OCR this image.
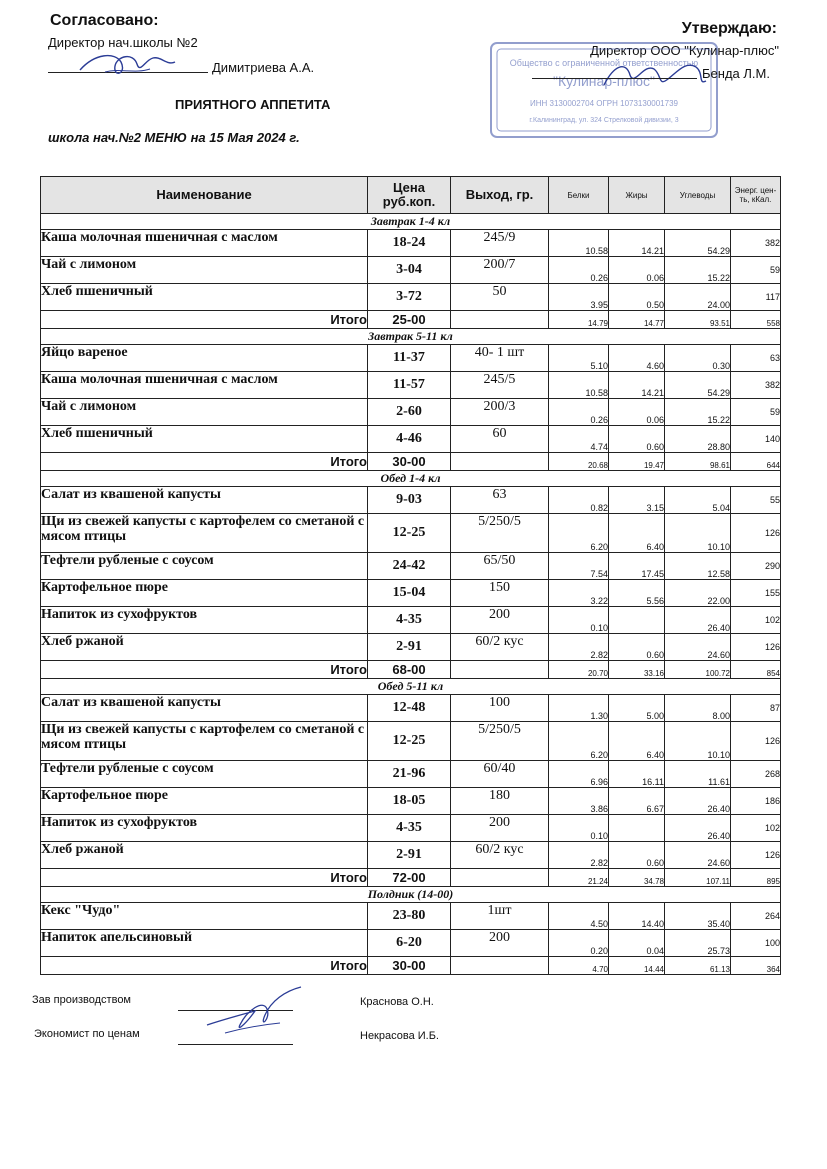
Согласовано:
Директор нач.школы №2
Димитриева А.А.
Утверждаю:
Директор ООО "Кулинар-плюс"
Общество с ограниченной ответственностью
"Кулинар-плюс"
ИНН 3130002704 ОГРН 1073130001739
г.Калининград, ул. 324 Стрелковой дивизии, 3
Бенда Л.М.
ПРИЯТНОГО АППЕТИТА
школа нач.№2 МЕНЮ на 15 Мая 2024 г.
Наименование	Цена руб.коп.	Выход, гр.	Белки	Жиры	Углеводы	Энерг. цен-ть, кКал.
Завтрак 1-4 кл						
Каша молочная пшеничная с маслом	18-24	245/9	10.58	14.21	54.29	382
Чай с лимоном	3-04	200/7	0.26	0.06	15.22	59
Хлеб пшеничный	3-72	50	3.95	0.50	24.00	117
Итого	25-00		14.79	14.77	93.51	558
Завтрак 5-11 кл						
Яйцо вареное	11-37	40- 1 шт	5.10	4.60	0.30	63
Каша молочная пшеничная с маслом	11-57	245/5	10.58	14.21	54.29	382
Чай с лимоном	2-60	200/3	0.26	0.06	15.22	59
Хлеб пшеничный	4-46	60	4.74	0.60	28.80	140
Итого	30-00		20.68	19.47	98.61	644
Обед 1-4 кл						
Салат из квашеной капусты	9-03	63	0.82	3.15	5.04	55
Щи из свежей капусты с картофелем со сметаной с мясом птицы	12-25	5/250/5	6.20	6.40	10.10	126
Тефтели рубленые с соусом	24-42	65/50	7.54	17.45	12.58	290
Картофельное пюре	15-04	150	3.22	5.56	22.00	155
Напиток из сухофруктов	4-35	200	0.10		26.40	102
Хлеб ржаной	2-91	60/2 кус	2.82	0.60	24.60	126
Итого	68-00		20.70	33.16	100.72	854
Обед 5-11 кл						
Салат из квашеной капусты	12-48	100	1.30	5.00	8.00	87
Щи из свежей капусты с картофелем со сметаной с мясом птицы	12-25	5/250/5	6.20	6.40	10.10	126
Тефтели рубленые с соусом	21-96	60/40	6.96	16.11	11.61	268
Картофельное пюре	18-05	180	3.86	6.67	26.40	186
Напиток из сухофруктов	4-35	200	0.10		26.40	102
Хлеб ржаной	2-91	60/2 кус	2.82	0.60	24.60	126
Итого	72-00		21.24	34.78	107.11	895
Полдник (14-00)						
Кекс "Чудо"	23-80	1шт	4.50	14.40	35.40	264
Напиток апельсиновый	6-20	200	0.20	0.04	25.73	100
Итого	30-00		4.70	14.44	61.13	364
Зав производством	Краснова О.Н.
Экономист по ценам	Некрасова И.Б.
